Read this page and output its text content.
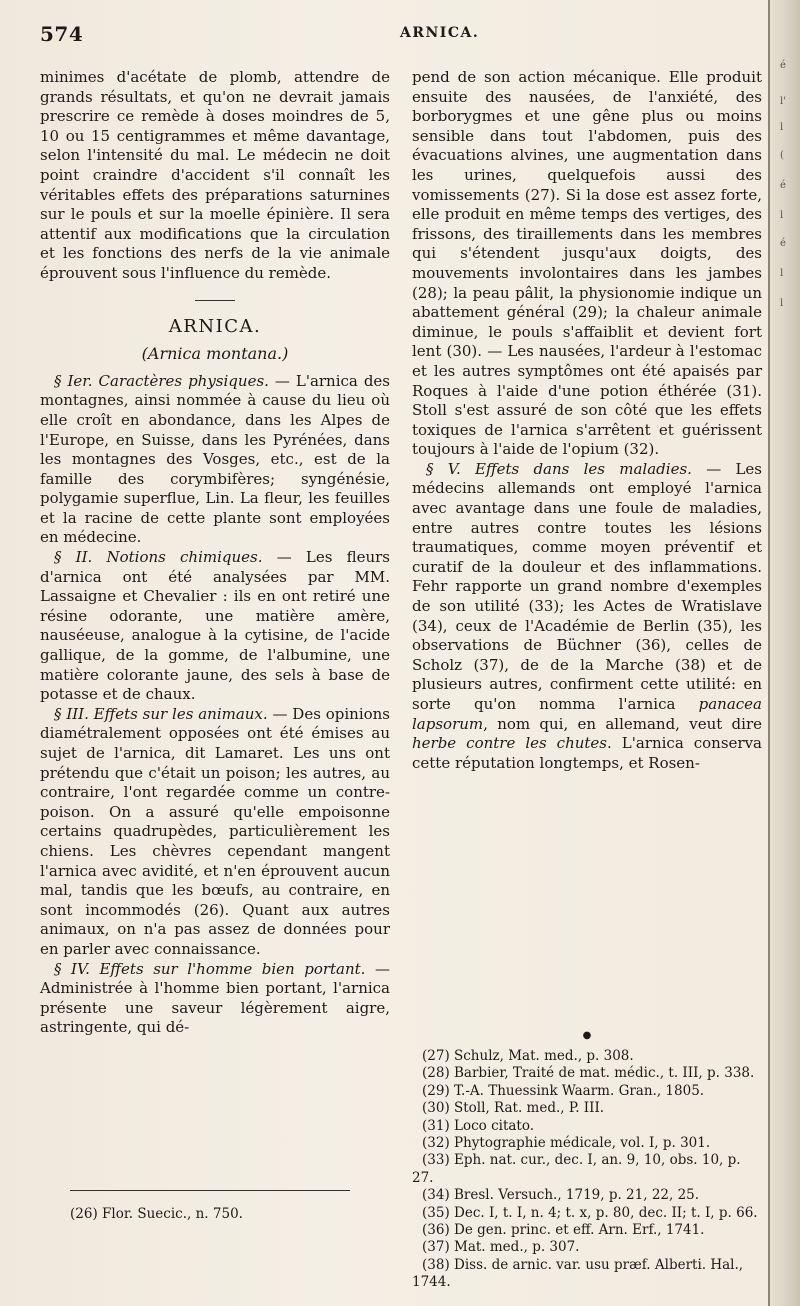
574	ARNICA.

minimes d'acétate de plomb, attendre de grands résultats, et qu'on ne devrait jamais prescrire ce remède à doses moindres de 5, 10 ou 15 centigrammes et même davantage, selon l'intensité du mal. Le médecin ne doit point craindre d'accident s'il connaît les véritables effets des préparations saturnines sur le pouls et sur la moelle épinière. Il sera attentif aux modifications que la circulation et les fonctions des nerfs de la vie animale éprouvent sous l'influence du remède.

ARNICA.
(Arnica montana.)

§ Ier. Caractères physiques. — L'arnica des montagnes, ainsi nommée à cause du lieu où elle croît en abondance, dans les Alpes de l'Europe, en Suisse, dans les Pyrénées, dans les montagnes des Vosges, etc., est de la famille des corymbifères; syngénésie, polygamie superflue, Lin. La fleur, les feuilles et la racine de cette plante sont employées en médecine.

§ II. Notions chimiques. — Les fleurs d'arnica ont été analysées par MM. Lassaigne et Chevalier : ils en ont retiré une résine odorante, une matière amère, nauséeuse, analogue à la cytisine, de l'acide gallique, de la gomme, de l'albumine, une matière colorante jaune, des sels à base de potasse et de chaux.

§ III. Effets sur les animaux. — Des opinions diamétralement opposées ont été émises au sujet de l'arnica, dit Lamaret. Les uns ont prétendu que c'était un poison; les autres, au contraire, l'ont regardée comme un contre-poison. On a assuré qu'elle empoisonne certains quadrupèdes, particulièrement les chiens. Les chèvres cependant mangent l'arnica avec avidité, et n'en éprouvent aucun mal, tandis que les bœufs, au contraire, en sont incommodés (26). Quant aux autres animaux, on n'a pas assez de données pour en parler avec connaissance.

§ IV. Effets sur l'homme bien portant. — Administrée à l'homme bien portant, l'arnica présente une saveur légèrement aigre, astringente, qui dé-

(26) Flor. Suecic., n. 750.

pend de son action mécanique. Elle produit ensuite des nausées, de l'anxiété, des borborygmes et une gêne plus ou moins sensible dans tout l'abdomen, puis des évacuations alvines, une augmentation dans les urines, quelquefois aussi des vomissements (27). Si la dose est assez forte, elle produit en même temps des vertiges, des frissons, des tiraillements dans les membres qui s'étendent jusqu'aux doigts, des mouvements involontaires dans les jambes (28); la peau pâlit, la physionomie indique un abattement général (29); la chaleur animale diminue, le pouls s'affaiblit et devient fort lent (30). — Les nausées, l'ardeur à l'estomac et les autres symptômes ont été apaisés par Roques à l'aide d'une potion éthérée (31). Stoll s'est assuré de son côté que les effets toxiques de l'arnica s'arrêtent et guérissent toujours à l'aide de l'opium (32).

§ V. Effets dans les maladies. — Les médecins allemands ont employé l'arnica avec avantage dans une foule de maladies, entre autres contre toutes les lésions traumatiques, comme moyen préventif et curatif de la douleur et des inflammations. Fehr rapporte un grand nombre d'exemples de son utilité (33); les Actes de Wratislave (34), ceux de l'Académie de Berlin (35), les observations de Büchner (36), celles de Scholz (37), de de la Marche (38) et de plusieurs autres, confirment cette utilité: en sorte qu'on nomma l'arnica panacea lapsorum, nom qui, en allemand, veut dire herbe contre les chutes. L'arnica conserva cette réputation longtemps, et Rosen-

●

(27) Schulz, Mat. med., p. 308.

(28) Barbier, Traité de mat. médic., t. III, p. 338.

(29) T.-A. Thuessink Waarm. Gran., 1805.

(30) Stoll, Rat. med., P. III.

(31) Loco citato.

(32) Phytographie médicale, vol. I, p. 301.

(33) Eph. nat. cur., dec. I, an. 9, 10, obs. 10, p. 27.

(34) Bresl. Versuch., 1719, p. 21, 22, 25.

(35) Dec. I, t. I, n. 4; t. x, p. 80, dec. II; t. I, p. 66.

(36) De gen. princ. et eff. Arn. Erf., 1741.

(37) Mat. med., p. 307.

(38) Diss. de arnic. var. usu præf. Alberti. Hal., 1744.

é
l'
l
(
é
l
é
l
l
